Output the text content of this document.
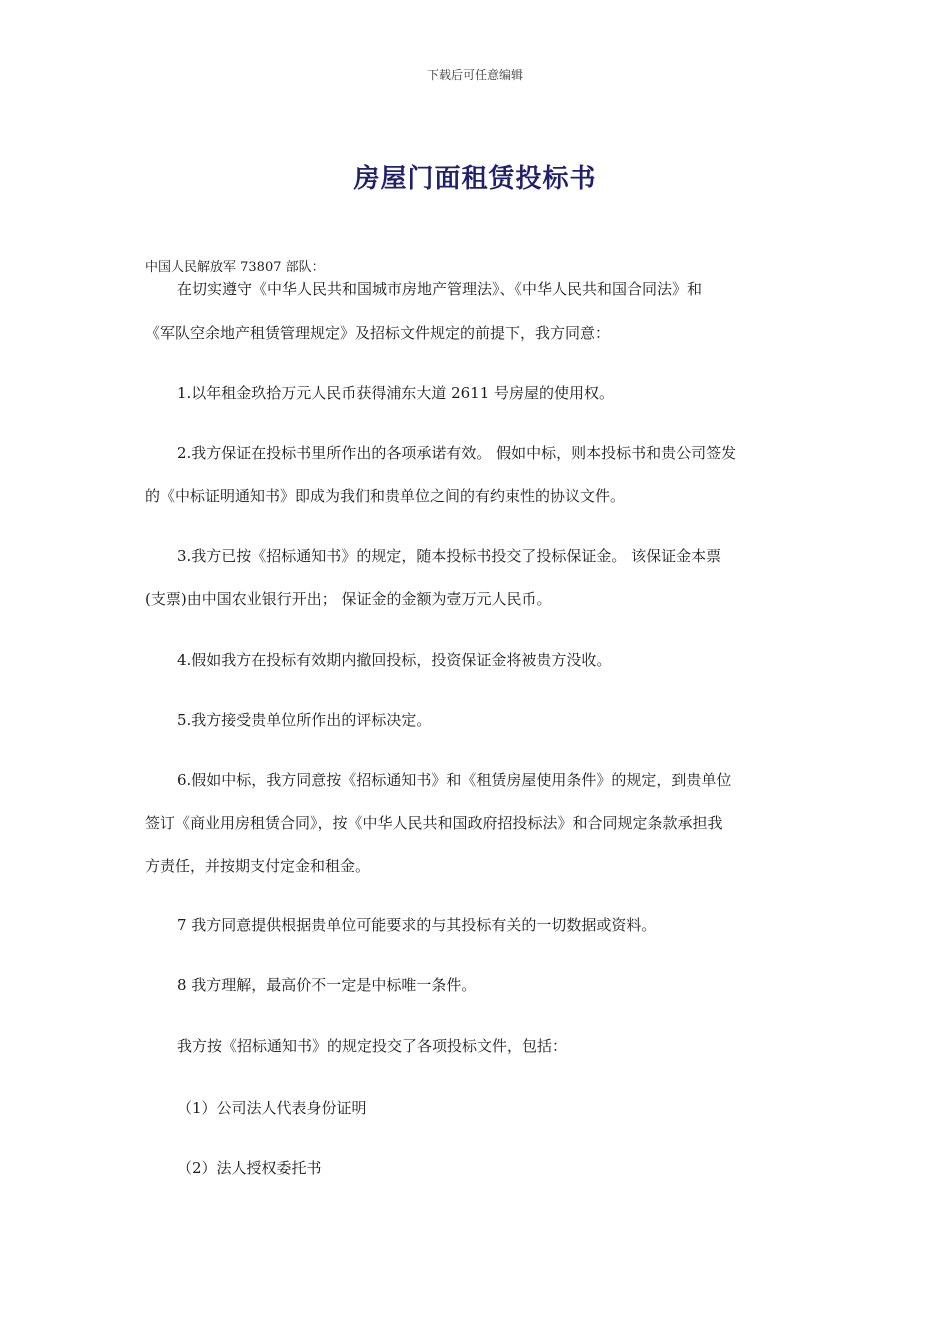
下载后可任意编辑
房屋门面租赁投标书
中国人民解放军 73807 部队：
在切实遵守《中华人民共和国城市房地产管理法》、《中华人民共和国合同法》和
《军队空余地产租赁管理规定》及招标文件规定的前提下，我方同意：
1.以年租金玖拾万元人民币获得浦东大道 2611 号房屋的使用权。
2.我方保证在投标书里所作出的各项承诺有效。 假如中标，则本投标书和贵公司签发
的《中标证明通知书》即成为我们和贵单位之间的有约束性的协议文件。
3.我方已按《招标通知书》的规定，随本投标书投交了投标保证金。 该保证金本票
(支票)由中国农业银行开出； 保证金的金额为壹万元人民币。
4.假如我方在投标有效期内撤回投标，投资保证金将被贵方没收。
5.我方接受贵单位所作出的评标决定。
6.假如中标，我方同意按《招标通知书》和《租赁房屋使用条件》的规定，到贵单位
签订《商业用房租赁合同》，按《中华人民共和国政府招投标法》和合同规定条款承担我
方责任，并按期支付定金和租金。
7 我方同意提供根据贵单位可能要求的与其投标有关的一切数据或资料。
8 我方理解，最高价不一定是中标唯一条件。
我方按《招标通知书》的规定投交了各项投标文件，包括：
（1）公司法人代表身份证明
（2）法人授权委托书
